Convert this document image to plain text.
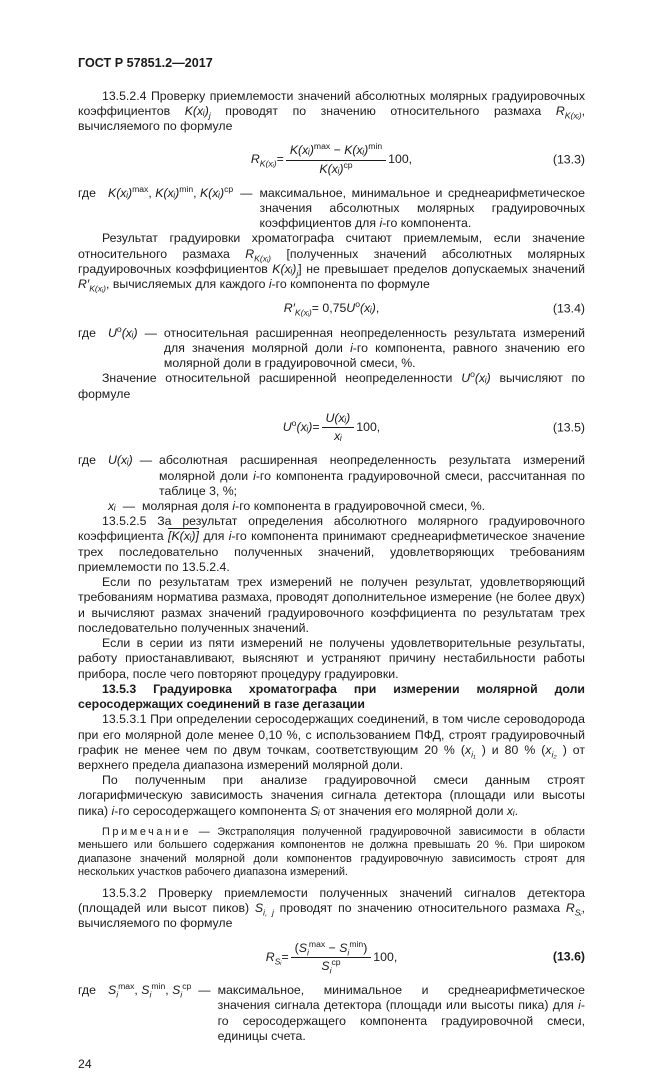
ГОСТ Р 57851.2—2017

13.5.2.4 Проверку приемлемости значений абсолютных молярных градуировочных коэффициентов $K(xᵢ)_j$ проводят по значению относительного размаха $R_{K(xᵢ)}$, вычисляемого по формуле

$R_{K(xᵢ)} = \frac{K(xᵢ)^{max} - K(xᵢ)^{min}}{K(xᵢ)^{ср}} 100$,	(13.3)
где K(xᵢ)$^{max}$, K(xᵢ)$^{min}$, K(xᵢ)$^{ср}$ — максимальное, минимальное и среднеарифметическое значения абсолютных молярных градуировочных коэффициентов для i-го компонента.

Результат градуировки хроматографа считают приемлемым, если значение относительного размаха $R_{K(xᵢ)}$ [полученных значений абсолютных молярных градуировочных коэффициентов $K(xᵢ)_j$] не превышает пределов допускаемых значений $R'_{K(xᵢ)}$, вычисляемых для каждого i-го компонента по формуле

$R'_{K(xᵢ)} = 0,75$ $U^о$ (xᵢ) ,	(13.4)
где $U^о(xᵢ)$ — относительная расширенная неопределенность результата измерений для значения молярной доли i-го компонента, равного значению его молярной доли в градуировочной смеси, %.

Значение относительной расширенной неопределенности $U^о(xᵢ)$ вычисляют по формуле

$U^о$ (xᵢ) = $\frac{\text{U(xᵢ)}}{\text{xᵢ}} 100$,	(13.5)
где U(xᵢ) — абсолютная расширенная неопределенность результата измерений молярной доли i-го компонента градуировочной смеси, рассчитанная по таблице 3, %;
xᵢ — молярная доля i-го компонента в градуировочной смеси, %.

13.5.2.5 За результат определения абсолютного молярного градуировочного коэффициента [K(xᵢ)] для i-го компонента принимают среднеарифметическое значение трех последовательно полученных значений, удовлетворяющих требованиям приемлемости по 13.5.2.4.

Если по результатам трех измерений не получен результат, удовлетворяющий требованиям норматива размаха, проводят дополнительное измерение (не более двух) и вычисляют размах значений градуировочного коэффициента по результатам трех последовательно полученных значений.

Если в серии из пяти измерений не получены удовлетворительные результаты, работу приостанавливают, выясняют и устраняют причину нестабильности работы прибора, после чего повторяют процедуру градуировки.

13.5.3 Градуировка хроматографа при измерении молярной доли серосодержащих соединений в газе дегазации

13.5.3.1 При определении серосодержащих соединений, в том числе сероводорода при его молярной доле менее 0,10 %, с использованием ПФД, строят градуировочный график не менее чем по двум точкам, соответствующим 20 % ($x_{i_1}$ ) и 80 % ($x_{i_2}$ ) от верхнего предела диапазона измерений молярной доли.

По полученным при анализе градуировочной смеси данным строят логарифмическую зависимость значения сигнала детектора (площади или высоты пика) i-го серосодержащего компонента Sᵢ от значения его молярной доли xᵢ.

Примечание — Экстраполяция полученной градуировочной зависимости в области меньшего или большего содержания компонентов не должна превышать 20 %. При широком диапазоне значений молярной доли компонентов градуировочную зависимость строят для нескольких участков рабочего диапазона измерений.

13.5.3.2 Проверку приемлемости полученных значений сигналов детектора (площадей или высот пиков) $S_{i, j}$ проводят по значению относительного размаха $R_{Sᵢ}$, вычисляемого по формуле

$R_{Sᵢ} = \frac{(S_i^{max} - S_i^{min})}{S_i^{ср}} 100$,	(13.6)
где $S_i^{max}$, $S_i^{min}$, $S_i^{ср}$ — максимальное, минимальное и среднеарифметическое значения сигнала детектора (площади или высоты пика) для i-го серосодержащего компонента градуировочной смеси, единицы счета.
24
